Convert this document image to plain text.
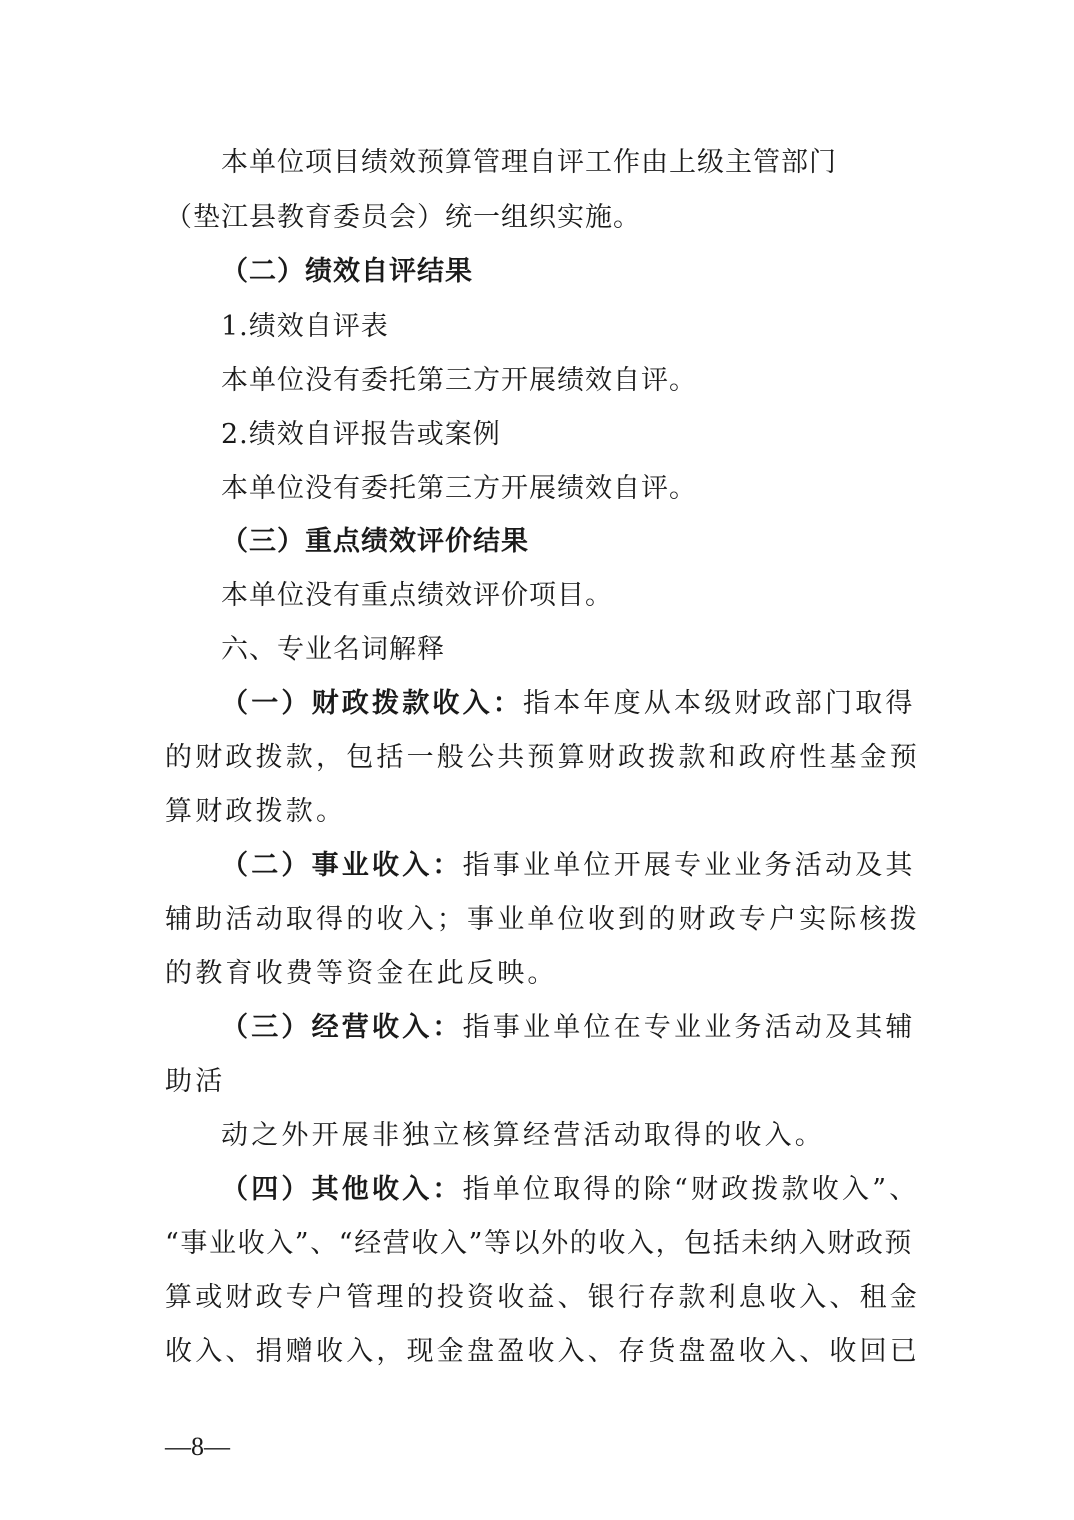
本单位项目绩效预算管理自评工作由上级主管部门
（垫江县教育委员会）统一组织实施。
（二）绩效自评结果
1.绩效自评表
本单位没有委托第三方开展绩效自评。
2.绩效自评报告或案例
本单位没有委托第三方开展绩效自评。
（三）重点绩效评价结果
本单位没有重点绩效评价项目。
六、专业名词解释
（一）财政拨款收入：指本年度从本级财政部门取得
的财政拨款，包括一般公共预算财政拨款和政府性基金预
算财政拨款。
（二）事业收入：指事业单位开展专业业务活动及其
辅助活动取得的收入；事业单位收到的财政专户实际核拨
的教育收费等资金在此反映。
（三）经营收入：指事业单位在专业业务活动及其辅
助活
动之外开展非独立核算经营活动取得的收入。
（四）其他收入：指单位取得的除“财政拨款收入”、
“事业收入”、“经营收入”等以外的收入，包括未纳入财政预
算或财政专户管理的投资收益、银行存款利息收入、租金
收入、捐赠收入，现金盘盈收入、存货盘盈收入、收回已
—8—
